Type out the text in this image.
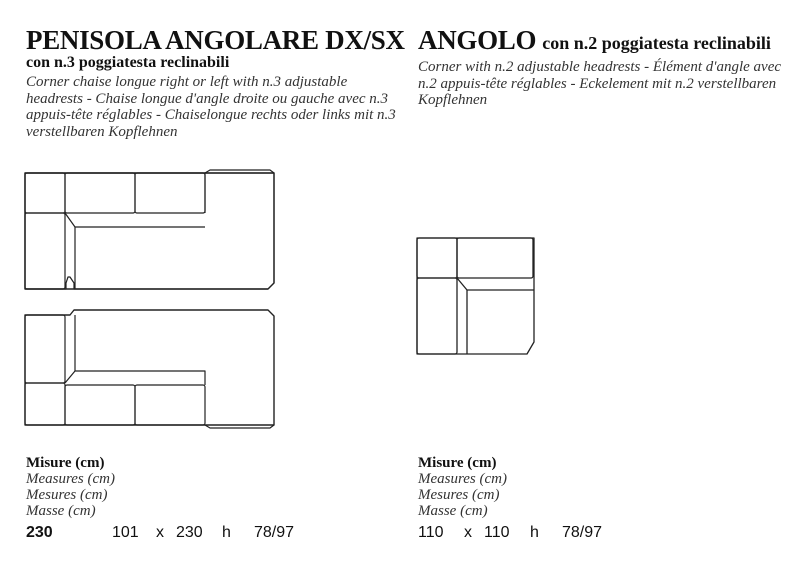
PENISOLA ANGOLARE DX/SX

con n.3 poggiatesta reclinabili

Corner chaise longue right or left with n.3 adjustable headrests - Chaise longue d'angle droite ou gauche avec n.3 appuis-tête réglables - Chaiselongue rechts oder links mit n.3 verstellbaren Kopflehnen

Misure (cm)

Measures (cm)

Mesures (cm)

Masse (cm)

230	101 x 230 h 78/97
ANGOLO con n.2 poggiatesta reclinabili

Corner with n.2 adjustable headrests - Élément d'angle avec n.2 appuis-tête réglables - Eckelement mit n.2 verstellbaren Kopflehnen

Misure (cm)

Measures (cm)

Mesures (cm)

Masse (cm)

110 x 110 h 78/97
